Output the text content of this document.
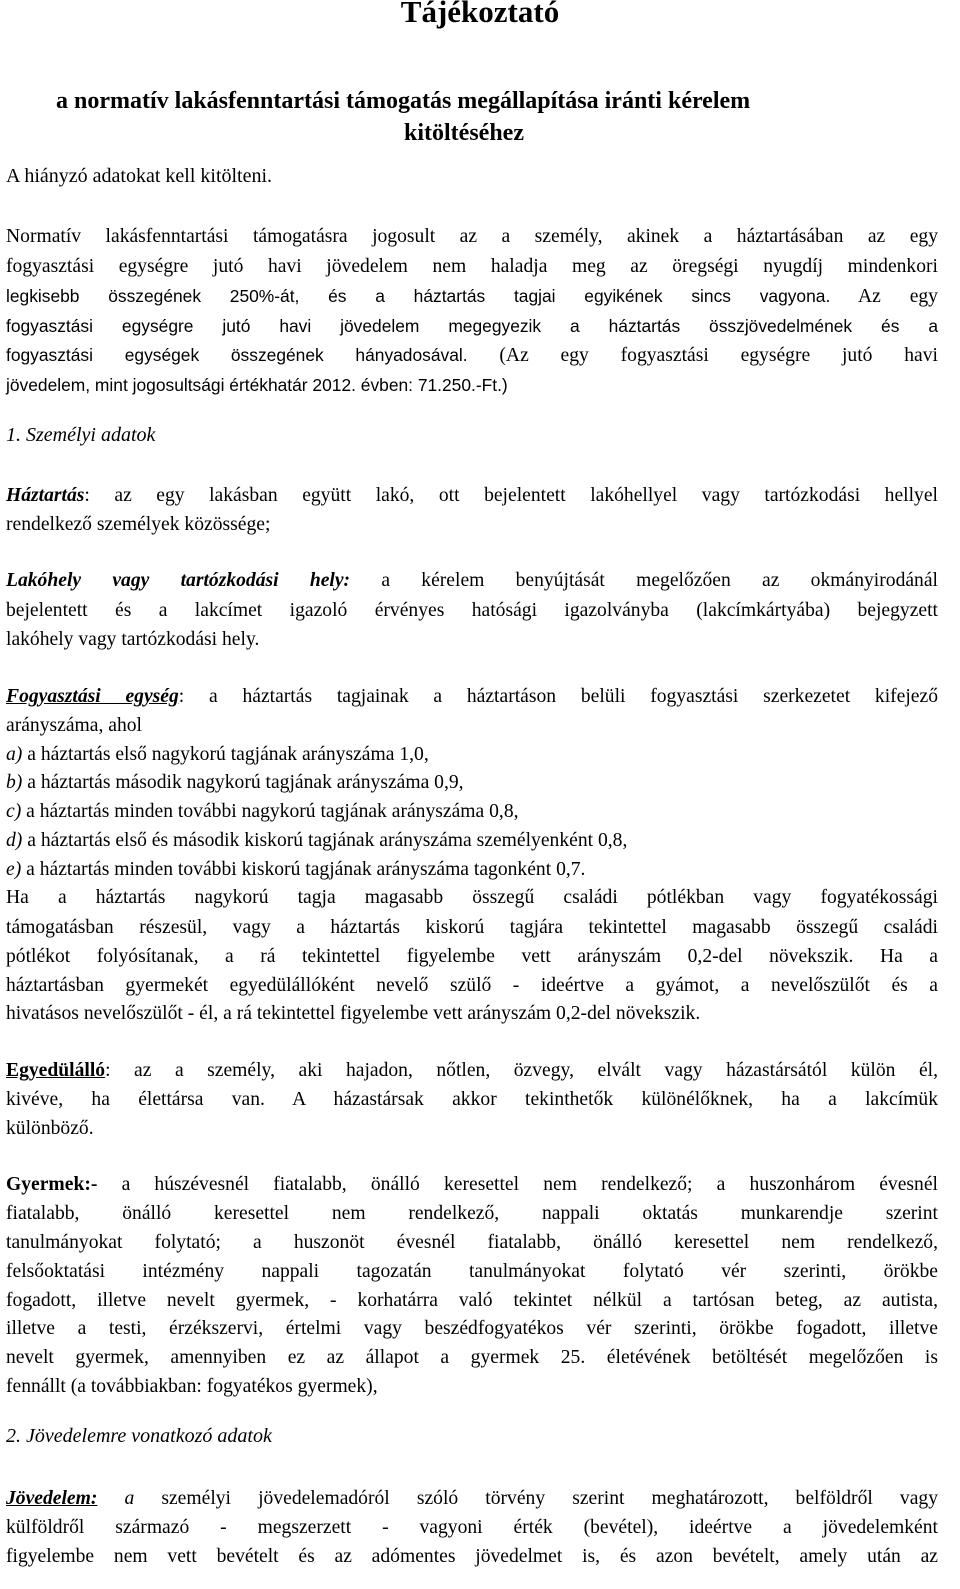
Tájékoztató
a normatív lakásfenntartási támogatás megállapítása iránti kérelem
kitöltéséhez
A hiányzó adatokat kell kitölteni.
Normatív lakásfenntartási támogatásra jogosult az a személy, akinek a háztartásában az egy
fogyasztási egységre jutó havi jövedelem nem haladja meg az öregségi nyugdíj mindenkori
legkisebb összegének 250%-át, és a háztartás tagjai egyikének sincs vagyona. Az egy
fogyasztási egységre jutó havi jövedelem megegyezik a háztartás összjövedelmének és a
fogyasztási egységek összegének hányadosával. (Az egy fogyasztási egységre jutó havi
jövedelem, mint jogosultsági értékhatár 2012. évben: 71.250.-Ft.)
1. Személyi adatok
Háztartás: az egy lakásban együtt lakó, ott bejelentett lakóhellyel vagy tartózkodási hellyel
rendelkező személyek közössége;
Lakóhely vagy tartózkodási hely: a kérelem benyújtását megelőzően az okmányirodánál
bejelentett és a lakcímet igazoló érvényes hatósági igazolványba (lakcímkártyába) bejegyzett
lakóhely vagy tartózkodási hely.
Fogyasztási egység: a háztartás tagjainak a háztartáson belüli fogyasztási szerkezetet kifejező
arányszáma, ahol
a) a háztartás első nagykorú tagjának arányszáma 1,0,
b) a háztartás második nagykorú tagjának arányszáma 0,9,
c) a háztartás minden további nagykorú tagjának arányszáma 0,8,
d) a háztartás első és második kiskorú tagjának arányszáma személyenként 0,8,
e) a háztartás minden további kiskorú tagjának arányszáma tagonként 0,7.
Ha a háztartás nagykorú tagja magasabb összegű családi pótlékban vagy fogyatékossági
támogatásban részesül, vagy a háztartás kiskorú tagjára tekintettel magasabb összegű családi
pótlékot folyósítanak, a rá tekintettel figyelembe vett arányszám 0,2-del növekszik. Ha a
háztartásban gyermekét egyedülállóként nevelő szülő - ideértve a gyámot, a nevelőszülőt és a
hivatásos nevelőszülőt - él, a rá tekintettel figyelembe vett arányszám 0,2-del növekszik.
Egyedülálló: az a személy, aki hajadon, nőtlen, özvegy, elvált vagy házastársától külön él,
kivéve, ha élettársa van. A házastársak akkor tekinthetők különélőknek, ha a lakcímük
különböző.
Gyermek:- a húszévesnél fiatalabb, önálló keresettel nem rendelkező; a huszonhárom évesnél
fiatalabb, önálló keresettel nem rendelkező, nappali oktatás munkarendje szerint
tanulmányokat folytató; a huszonöt évesnél fiatalabb, önálló keresettel nem rendelkező,
felsőoktatási intézmény nappali tagozatán tanulmányokat folytató vér szerinti, örökbe
fogadott, illetve nevelt gyermek, - korhatárra való tekintet nélkül a tartósan beteg, az autista,
illetve a testi, érzékszervi, értelmi vagy beszédfogyatékos vér szerinti, örökbe fogadott, illetve
nevelt gyermek, amennyiben ez az állapot a gyermek 25. életévének betöltését megelőzően is
fennállt (a továbbiakban: fogyatékos gyermek),
2. Jövedelemre vonatkozó adatok
Jövedelem: a személyi jövedelemadóról szóló törvény szerint meghatározott, belföldről vagy
külföldről származó - megszerzett - vagyoni érték (bevétel), ideértve a jövedelemként
figyelembe nem vett bevételt és az adómentes jövedelmet is, és azon bevételt, amely után az
